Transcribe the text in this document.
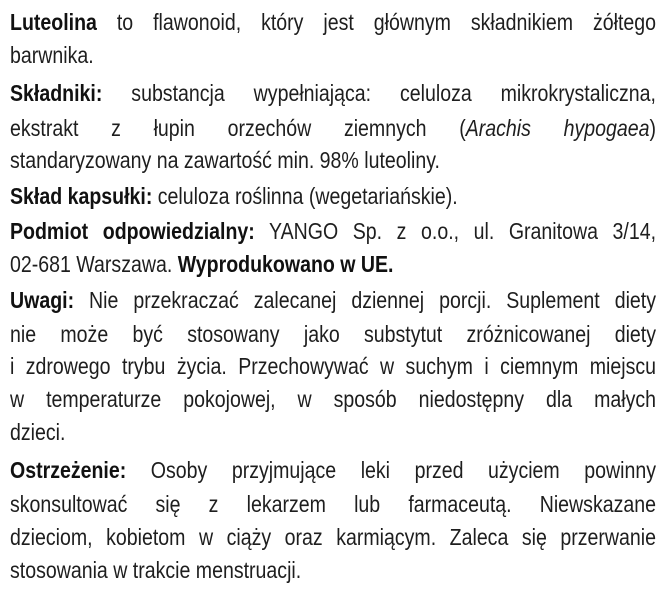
Luteolina to flawonoid, który jest głównym składnikiem żółtego
barwnika.
Składniki: substancja wypełniająca: celuloza mikrokrystaliczna,
ekstrakt z łupin orzechów ziemnych (Arachis hypogaea)
standaryzowany na zawartość min. 98% luteoliny.
Skład kapsułki: celuloza roślinna (wegetariańskie).
Podmiot odpowiedzialny: YANGO Sp. z o.o., ul. Granitowa 3/14,
02-681 Warszawa. Wyprodukowano w UE.
Uwagi: Nie przekraczać zalecanej dziennej porcji. Suplement diety
nie może być stosowany jako substytut zróżnicowanej diety
i zdrowego trybu życia. Przechowywać w suchym i ciemnym miejscu
w temperaturze pokojowej, w sposób niedostępny dla małych
dzieci.
Ostrzeżenie: Osoby przyjmujące leki przed użyciem powinny
skonsultować się z lekarzem lub farmaceutą. Niewskazane
dzieciom, kobietom w ciąży oraz karmiącym. Zaleca się przerwanie
stosowania w trakcie menstruacji.
